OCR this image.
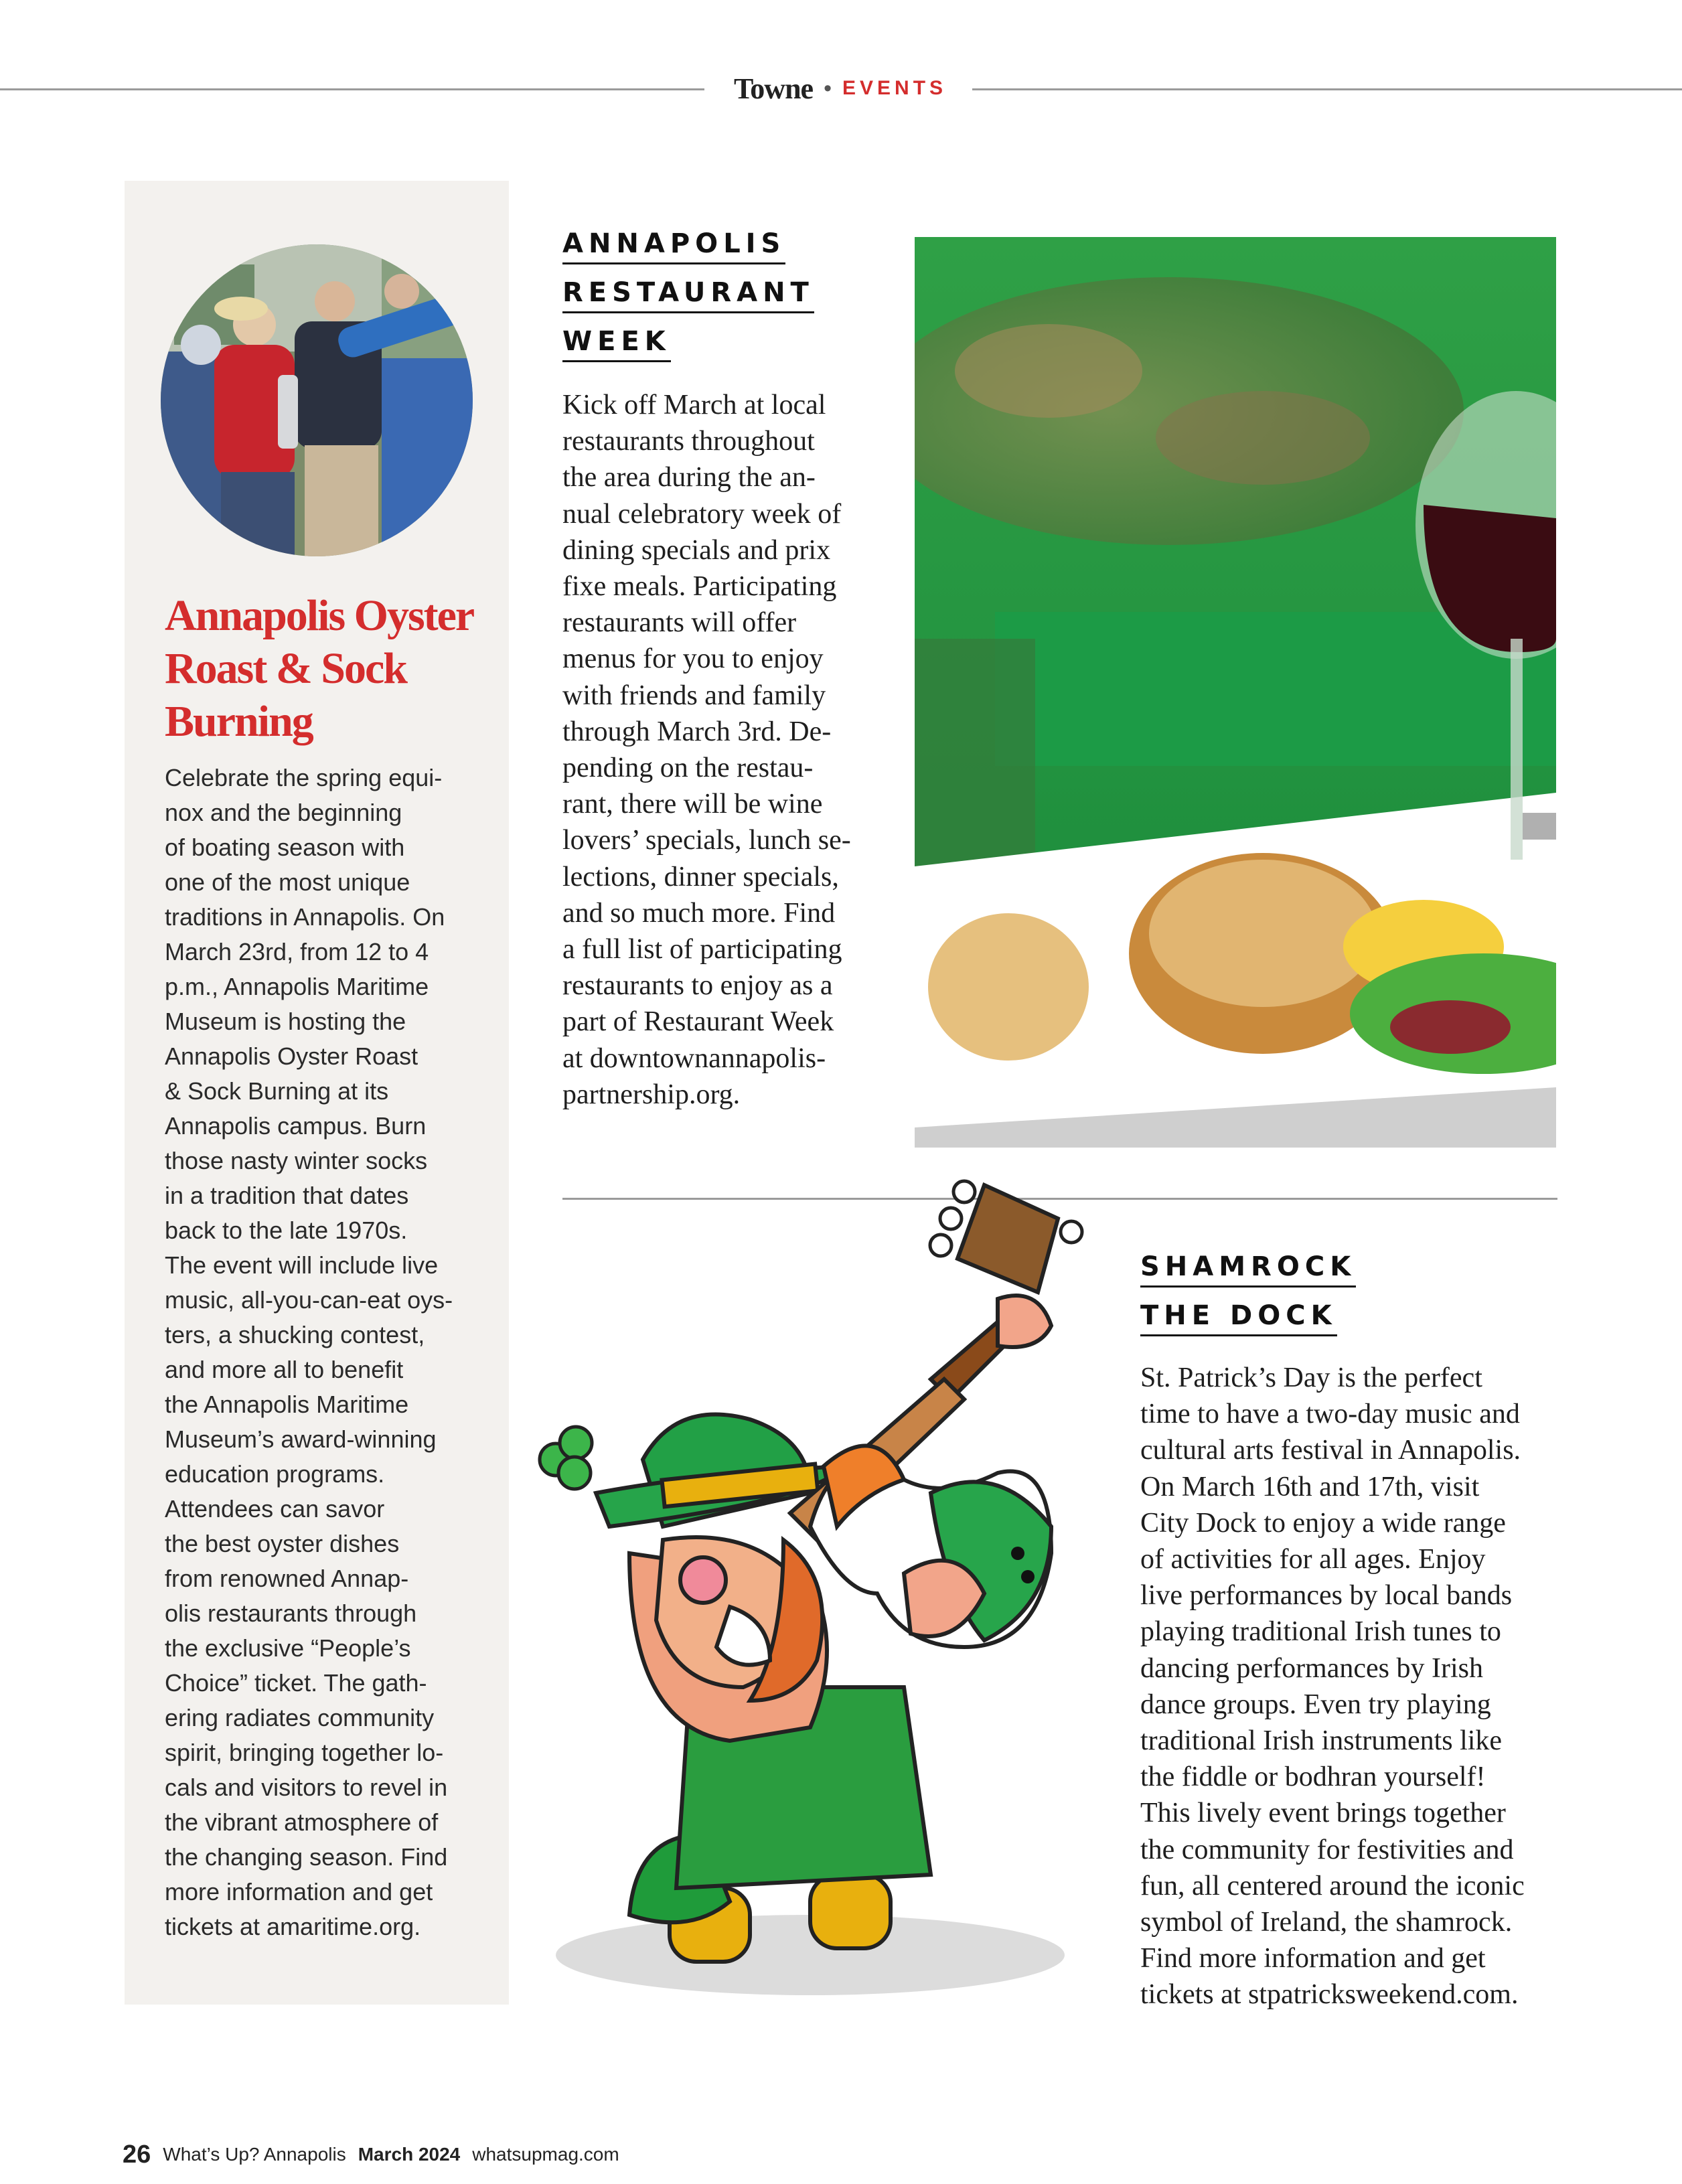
Towne • EVENTS
Annapolis Oyster Roast & Sock Burning
Celebrate the spring equi-
nox and the beginning
of boating season with
one of the most unique
traditions in Annapolis. On
March 23rd, from 12 to 4
p.m., Annapolis Maritime
Museum is hosting the
Annapolis Oyster Roast
& Sock Burning at its
Annapolis campus. Burn
those nasty winter socks
in a tradition that dates
back to the late 1970s.
The event will include live
music, all-you-can-eat oys-
ters, a shucking contest,
and more all to benefit
the Annapolis Maritime
Museum’s award-winning
education programs.
Attendees can savor
the best oyster dishes
from renowned Annap-
olis restaurants through
the exclusive “People’s
Choice” ticket. The gath-
ering radiates community
spirit, bringing together lo-
cals and visitors to revel in
the vibrant atmosphere of
the changing season. Find
more information and get
tickets at amaritime.org.
ANNAPOLIS
RESTAURANT
WEEK
Kick off March at local
restaurants throughout
the area during the an-
nual celebratory week of
dining specials and prix
fixe meals. Participating
restaurants will offer
menus for you to enjoy
with friends and family
through March 3rd. De-
pending on the restau-
rant, there will be wine
lovers’ specials, lunch se-
lections, dinner specials,
and so much more. Find
a full list of participating
restaurants to enjoy as a
part of Restaurant Week
at downtownannapolis-
partnership.org.
SHAMROCK
THE DOCK
St. Patrick’s Day is the perfect
time to have a two-day music and
cultural arts festival in Annapolis.
On March 16th and 17th, visit
City Dock to enjoy a wide range
of activities for all ages. Enjoy
live performances by local bands
playing traditional Irish tunes to
dancing performances by Irish
dance groups. Even try playing
traditional Irish instruments like
the fiddle or bodhran yourself!
This lively event brings together
the community for festivities and
fun, all centered around the iconic
symbol of Ireland, the shamrock.
Find more information and get
tickets at stpatricksweekend.com.
26 What’s Up? Annapolis March 2024 whatsupmag.com
